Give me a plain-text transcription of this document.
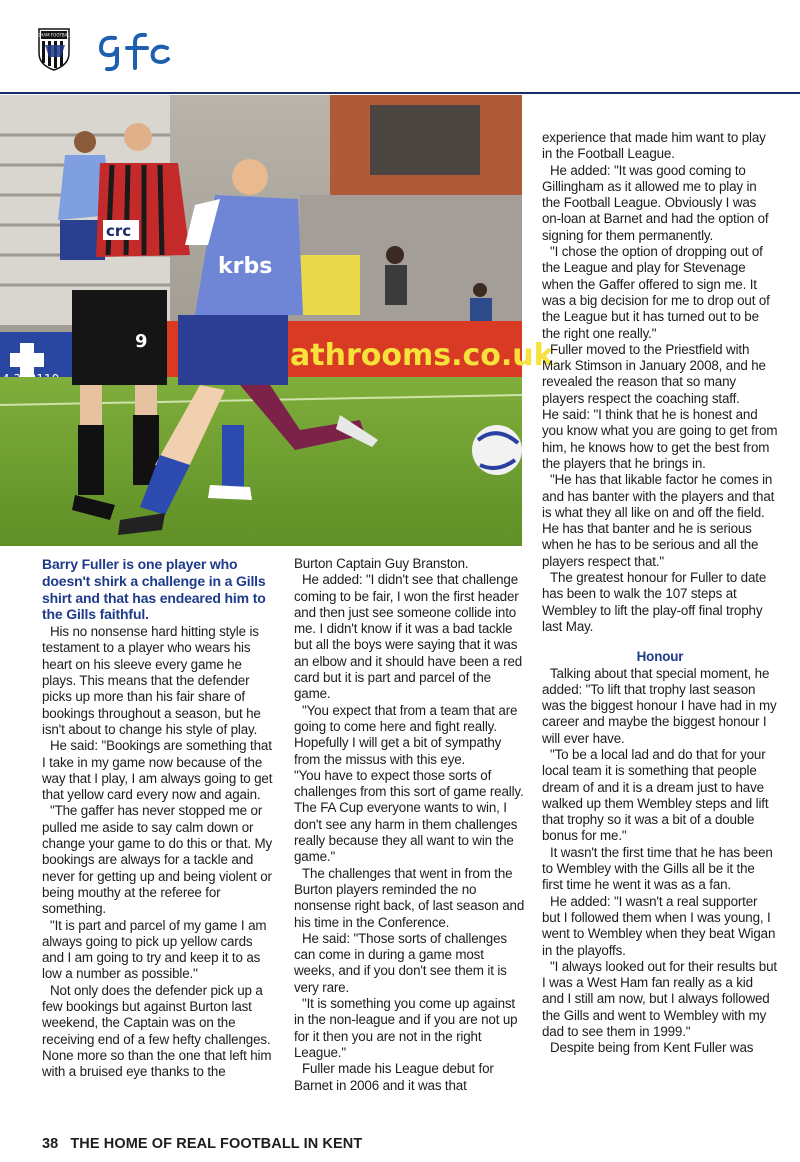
GILLINGHAM FOOTBALL CLUB
athrooms.co.uk
crc
9
krbs

Barry Fuller is one player who doesn't shirk a challenge in a Gills shirt and that has endeared him to the Gills faithful.

His no nonsense hard hitting style is testament to a player who wears his heart on his sleeve every game he plays. This means that the defender picks up more than his fair share of bookings throughout a season, but he isn't about to change his style of play.

He said: "Bookings are something that I take in my game now because of the way that I play, I am always going to get that yellow card every now and again.

"The gaffer has never stopped me or pulled me aside to say calm down or change your game to do this or that. My bookings are always for a tackle and never for getting up and being violent or being mouthy at the referee for something.

"It is part and parcel of my game I am always going to pick up yellow cards and I am going to try and keep it to as low a number as possible."

Not only does the defender pick up a few bookings but against Burton last weekend, the Captain was on the receiving end of a few hefty challenges. None more so than the one that left him with a bruised eye thanks to the

Burton Captain Guy Branston.

He added: "I didn't see that challenge coming to be fair, I won the first header and then just see someone collide into me. I didn't know if it was a bad tackle but all the boys were saying that it was an elbow and it should have been a red card but it is part and parcel of the game.

"You expect that from a team that are going to come here and fight really. Hopefully I will get a bit of sympathy from the missus with this eye.

"You have to expect those sorts of challenges from this sort of game really. The FA Cup everyone wants to win, I don't see any harm in them challenges really because they all want to win the game."

The challenges that went in from the Burton players reminded the no nonsense right back, of last season and his time in the Conference.

He said: "Those sorts of challenges can come in during a game most weeks, and if you don't see them it is very rare.

"It is something you come up against in the non-league and if you are not up for it then you are not in the right League."

Fuller made his League debut for Barnet in 2006 and it was that

experience that made him want to play in the Football League.

He added: "It was good coming to Gillingham as it allowed me to play in the Football League. Obviously I was on-loan at Barnet and had the option of signing for them permanently.

"I chose the option of dropping out of the League and play for Stevenage when the Gaffer offered to sign me. It was a big decision for me to drop out of the League but it has turned out to be the right one really."

Fuller moved to the Priestfield with Mark Stimson in January 2008, and he revealed the reason that so many players respect the coaching staff.

He said: "I think that he is honest and you know what you are going to get from him, he knows how to get the best from the players that he brings in.

"He has that likable factor he comes in and has banter with the players and that is what they all like on and off the field. He has that banter and he is serious when he has to be serious and all the players respect that."

The greatest honour for Fuller to date has been to walk the 107 steps at Wembley to lift the play-off final trophy last May.

Honour

Talking about that special moment, he added: "To lift that trophy last season was the biggest honour I have had in my career and maybe the biggest honour I will ever have.

"To be a local lad and do that for your local team it is something that people dream of and it is a dream just to have walked up them Wembley steps and lift that trophy so it was a bit of a double bonus for me."

It wasn't the first time that he has been to Wembley with the Gills all be it the first time he went it was as a fan.

He added: "I wasn't a real supporter but I followed them when I was young, I went to Wembley when they beat Wigan in the playoffs.

"I always looked out for their results but I was a West Ham fan really as a kid and I still am now, but I always followed the Gills and went to Wembley with my dad to see them in 1999."

Despite being from Kent Fuller was

38 THE HOME OF REAL FOOTBALL IN KENT
